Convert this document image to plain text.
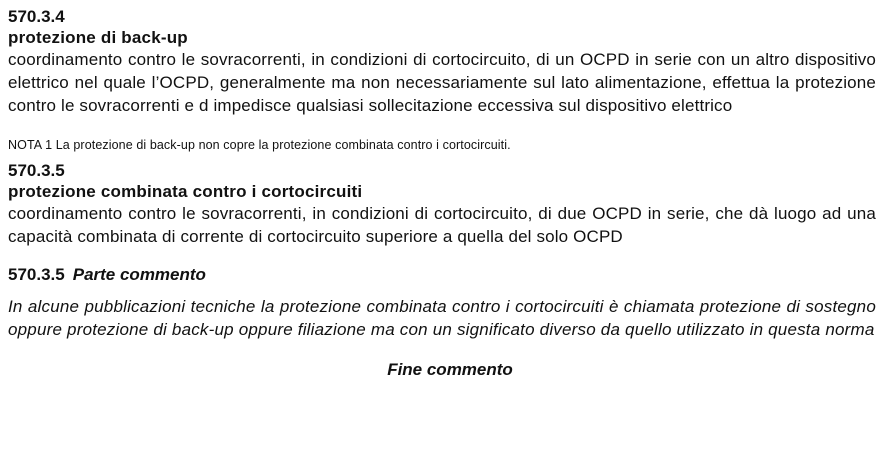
570.3.4

protezione di back-up

coordinamento contro le sovracorrenti, in condizioni di cortocircuito, di un OCPD in serie con un altro dispositivo elettrico nel quale l’OCPD, generalmente ma non necessariamente sul lato alimentazione, effettua la protezione contro le sovracorrenti e d impedisce qualsiasi sollecitazione eccessiva sul dispositivo elettrico

NOTA 1 La protezione di back-up non copre la protezione combinata contro i cortocircuiti.

570.3.5

protezione combinata contro i cortocircuiti

coordinamento contro le sovracorrenti, in condizioni di cortocircuito, di due OCPD in serie, che dà luogo ad una capacità combinata di corrente di cortocircuito superiore a quella del solo OCPD

570.3.5 Parte commento

In alcune pubblicazioni tecniche la protezione combinata contro i cortocircuiti è chiamata protezione di sostegno oppure protezione di back-up oppure filiazione ma con un significato diverso da quello utilizzato in questa norma

Fine commento
